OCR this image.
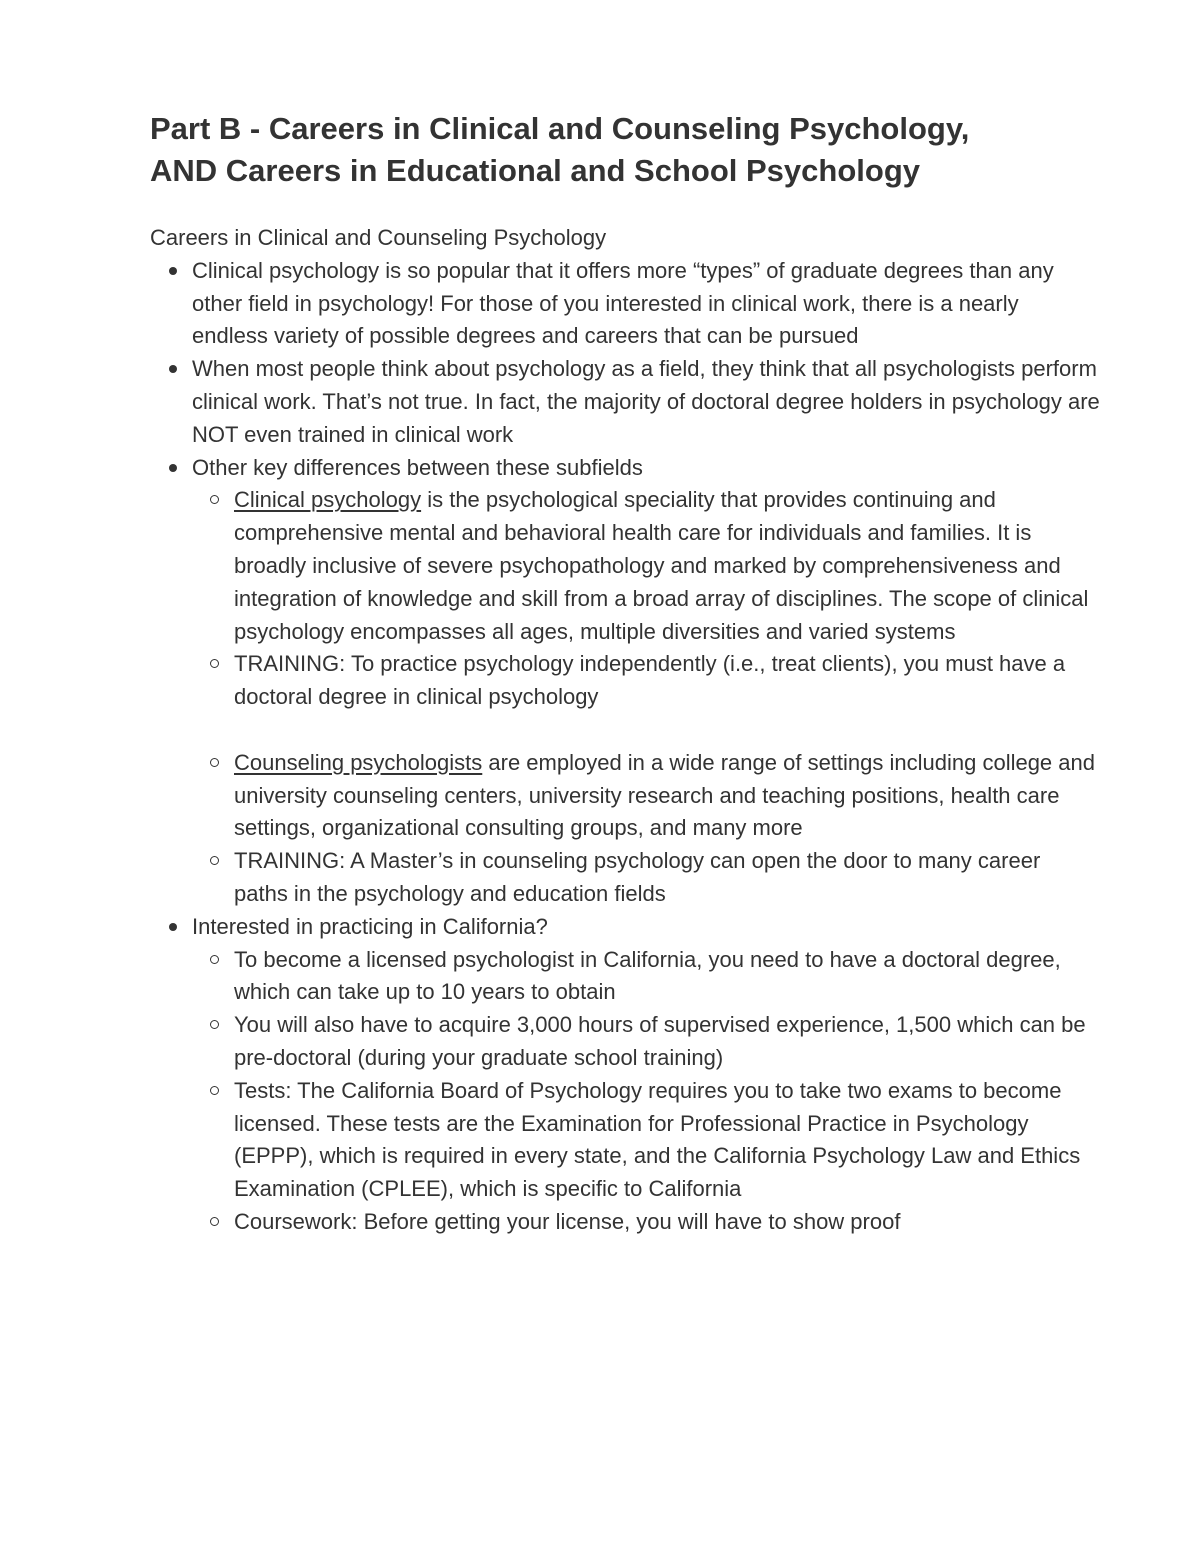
Part B - Careers in Clinical and Counseling Psychology,
AND Careers in Educational and School Psychology
Careers in Clinical and Counseling Psychology
Clinical psychology is so popular that it offers more “types” of graduate degrees than any other field in psychology! For those of you interested in clinical work, there is a nearly endless variety of possible degrees and careers that can be pursued
When most people think about psychology as a field, they think that all psychologists perform clinical work. That’s not true. In fact, the majority of doctoral degree holders in psychology are NOT even trained in clinical work
Other key differences between these subfields
Clinical psychology is the psychological speciality that provides continuing and comprehensive mental and behavioral health care for individuals and families. It is broadly inclusive of severe psychopathology and marked by comprehensiveness and integration of knowledge and skill from a broad array of disciplines. The scope of clinical psychology encompasses all ages, multiple diversities and varied systems
TRAINING: To practice psychology independently (i.e., treat clients), you must have a doctoral degree in clinical psychology
Counseling psychologists are employed in a wide range of settings including college and university counseling centers, university research and teaching positions, health care settings, organizational consulting groups, and many more
TRAINING: A Master’s in counseling psychology can open the door to many career paths in the psychology and education fields
Interested in practicing in California?
To become a licensed psychologist in California, you need to have a doctoral degree, which can take up to 10 years to obtain
You will also have to acquire 3,000 hours of supervised experience, 1,500 which can be pre-doctoral (during your graduate school training)
Tests: The California Board of Psychology requires you to take two exams to become licensed. These tests are the Examination for Professional Practice in Psychology (EPPP), which is required in every state, and the California Psychology Law and Ethics Examination (CPLEE), which is specific to California
Coursework: Before getting your license, you will have to show proof
